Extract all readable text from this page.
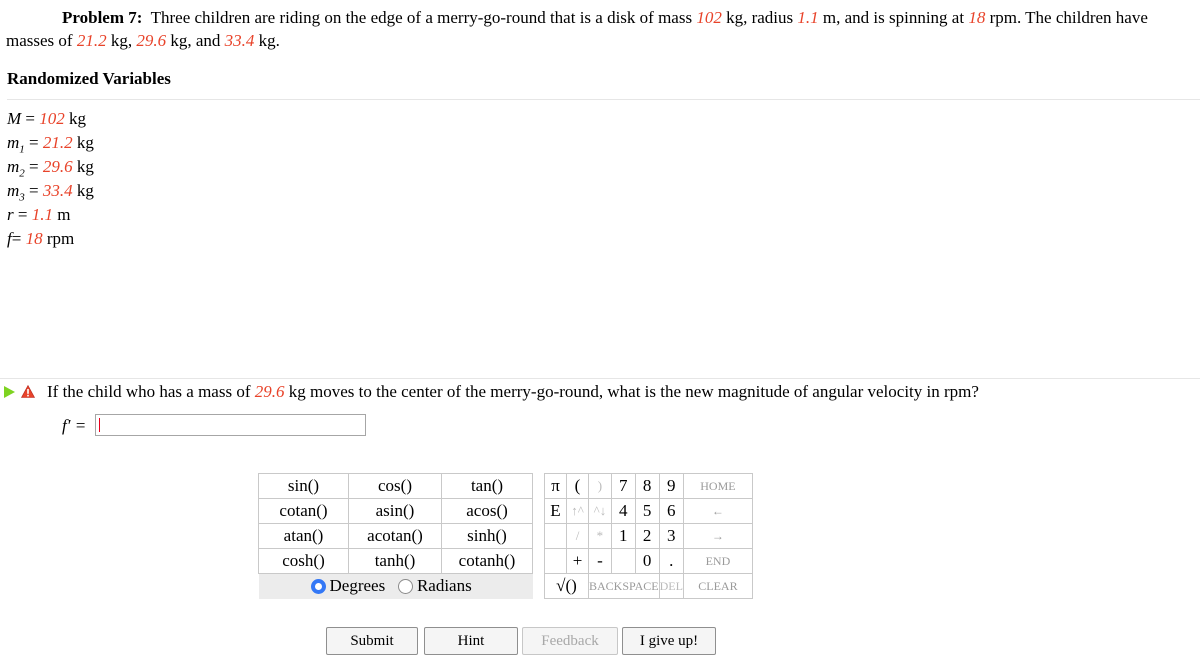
Problem 7: Three children are riding on the edge of a merry-go-round that is a disk of mass 102 kg, radius 1.1 m, and is spinning at 18 rpm. The children have masses of 21.2 kg, 29.6 kg, and 33.4 kg.
Randomized Variables
M = 102 kg
$m_1 = 21.2$ kg
$m_2 = 29.6$ kg
$m_3 = 33.4$ kg
r = 1.1 m
f= 18 rpm
If the child who has a mass of 29.6 kg moves to the center of the merry-go-round, what is the new magnitude of angular velocity in rpm?
f′ =
sin()	cos()	tan()		π	(	)	7	8	9	HOME
cotan()	asin()	acos()		E	↑^	^↓	4	5	6	←
atan()	acotan()	sinh()			/	*	1	2	3	→
cosh()	tanh()	cotanh()			+	-		0	.	END
Degrees Radians				√()		BACKSPACE			DEL	CLEAR
Submit	Hint	Feedback	I give up!
